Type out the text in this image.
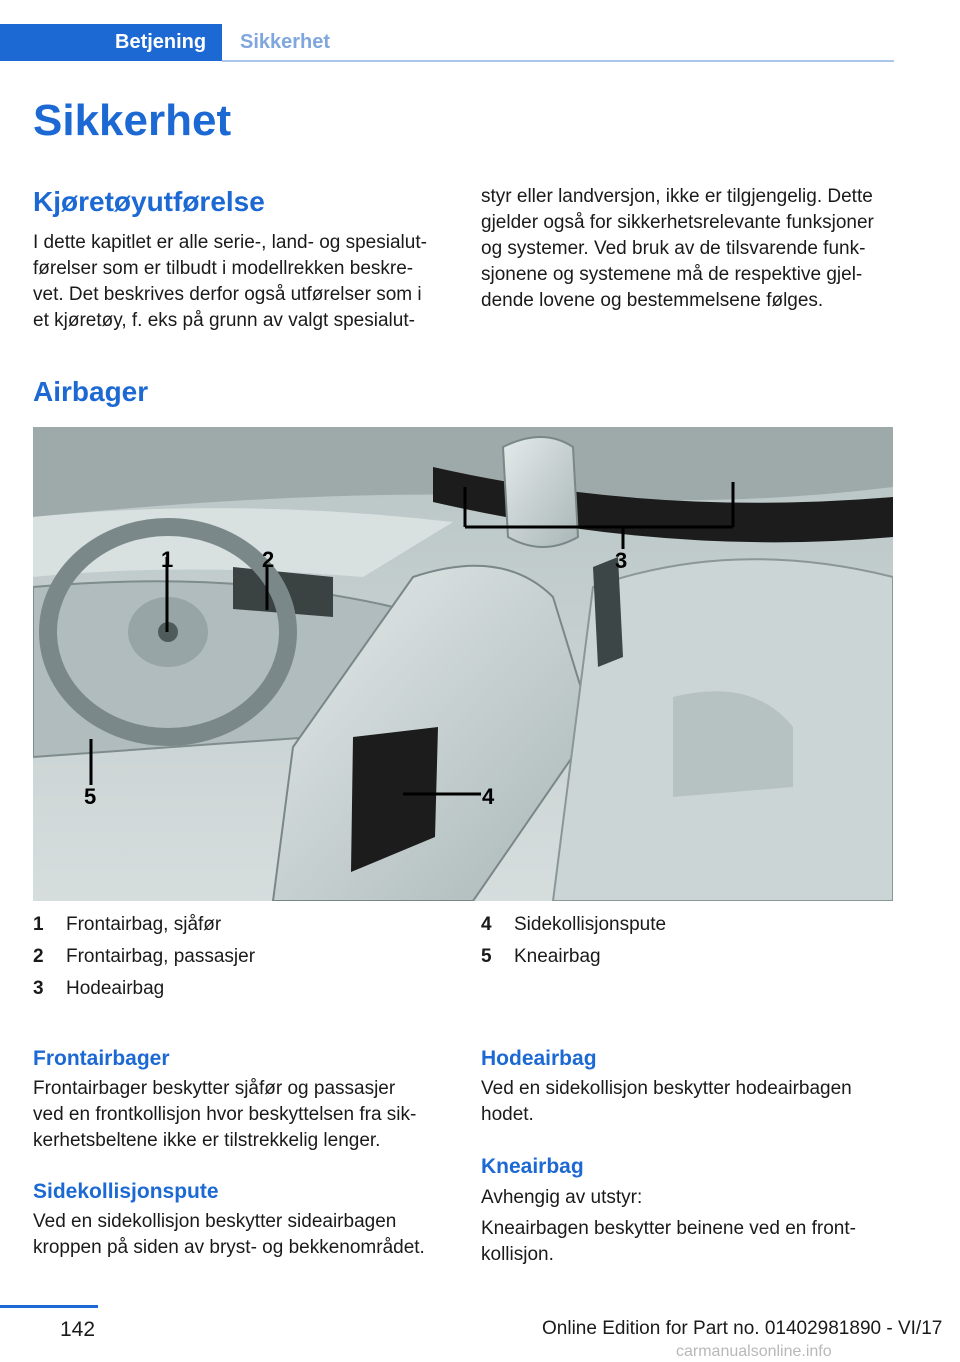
Betjening	Sikkerhet
Sikkerhet
Kjøretøyutførelse
I dette kapitlet er alle serie-, land- og spesialut-
førelser som er tilbudt i modellrekken beskre-
vet. Det beskrives derfor også utførelser som i
et kjøretøy, f. eks på grunn av valgt spesialut-
styr eller landversjon, ikke er tilgjengelig. Dette
gjelder også for sikkerhetsrelevante funksjoner
og systemer. Ved bruk av de tilsvarende funk-
sjonene og systemene må de respektive gjel-
dende lovene og bestemmelsene følges.
Airbager
1	2	3
4
5
1 Frontairbag, sjåfør
2 Frontairbag, passasjer
3 Hodeairbag
4 Sidekollisjonspute
5 Kneairbag
Frontairbager
Frontairbager beskytter sjåfør og passasjer
ved en frontkollisjon hvor beskyttelsen fra sik-
kerhetsbeltene ikke er tilstrekkelig lenger.
Sidekollisjonspute
Ved en sidekollisjon beskytter sideairbagen
kroppen på siden av bryst- og bekkenområdet.
Hodeairbag
Ved en sidekollisjon beskytter hodeairbagen
hodet.
Kneairbag
Avhengig av utstyr:
Kneairbagen beskytter beinene ved en front-
kollisjon.
142	Online Edition for Part no. 01402981890 - VI/17
carmanualsonline.info
